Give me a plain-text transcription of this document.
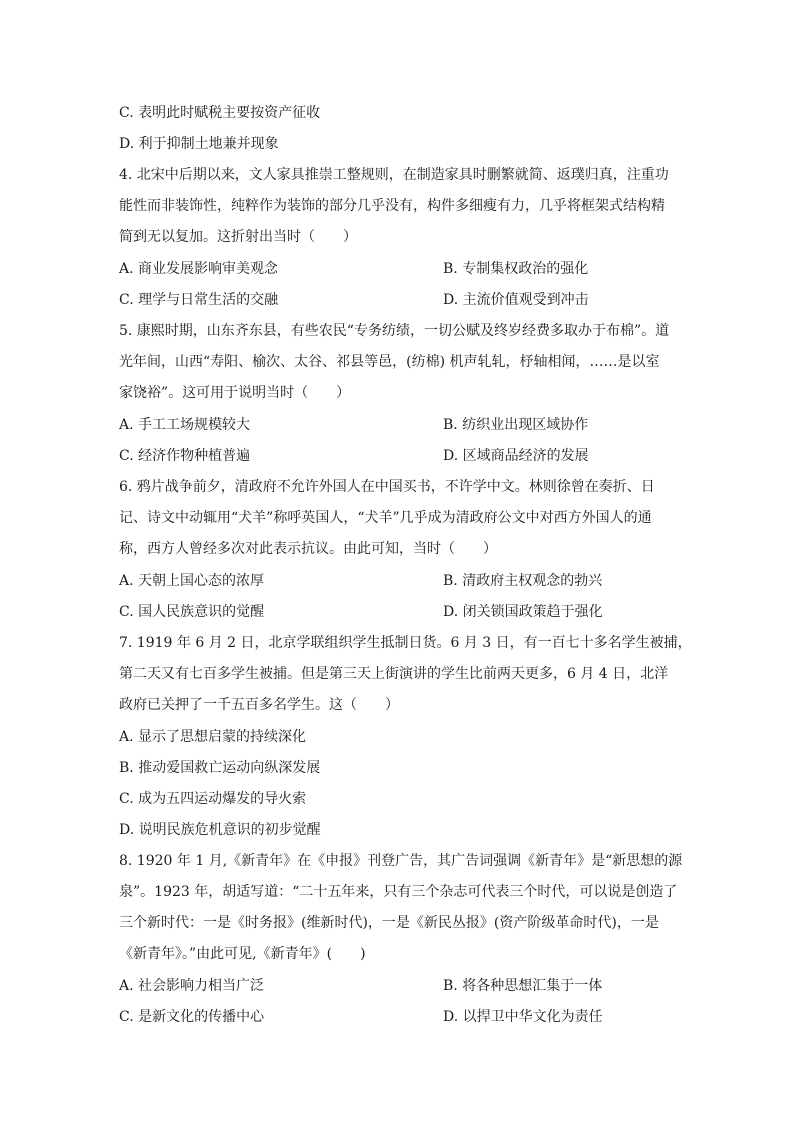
C. 表明此时赋税主要按资产征收
D. 利于抑制土地兼并现象
4. 北宋中后期以来，文人家具推崇工整规则，在制造家具时删繁就简、返璞归真，注重功
能性而非装饰性，纯粹作为装饰的部分几乎没有，构件多细瘦有力，几乎将框架式结构精
简到无以复加。这折射出当时（　　）
A. 商业发展影响审美观念	B. 专制集权政治的强化
C. 理学与日常生活的交融	D. 主流价值观受到冲击
5. 康熙时期，山东齐东县，有些农民“专务纺绩，一切公赋及终岁经费多取办于布棉”。道
光年间，山西“寿阳、榆次、太谷、祁县等邑，(纺棉) 机声轧轧，杼轴相闻，……是以室
家饶裕”。这可用于说明当时（　　）
A. 手工工场规模较大	B. 纺织业出现区域协作
C. 经济作物种植普遍	D. 区域商品经济的发展
6. 鸦片战争前夕，清政府不允许外国人在中国买书，不许学中文。林则徐曾在奏折、日
记、诗文中动辄用“犬羊”称呼英国人，“犬羊”几乎成为清政府公文中对西方外国人的通
称，西方人曾经多次对此表示抗议。由此可知，当时（　　）
A. 天朝上国心态的浓厚	B. 清政府主权观念的勃兴
C. 国人民族意识的觉醒	D. 闭关锁国政策趋于强化
7. 1919 年 6 月 2 日，北京学联组织学生抵制日货。6 月 3 日，有一百七十多名学生被捕，
第二天又有七百多学生被捕。但是第三天上街演讲的学生比前两天更多，6 月 4 日，北洋
政府已关押了一千五百多名学生。这（　　）
A. 显示了思想启蒙的持续深化
B. 推动爱国救亡运动向纵深发展
C. 成为五四运动爆发的导火索
D. 说明民族危机意识的初步觉醒
8. 1920 年 1 月,《新青年》在《申报》刊登广告，其广告词强调《新青年》是“新思想的源
泉”。1923 年，胡适写道：“二十五年来，只有三个杂志可代表三个时代，可以说是创造了
三个新时代：一是《时务报》(维新时代)，一是《新民丛报》(资产阶级革命时代)，一是
《新青年》。”由此可见,《新青年》(　　)
A. 社会影响力相当广泛	B. 将各种思想汇集于一体
C. 是新文化的传播中心	D. 以捍卫中华文化为责任
